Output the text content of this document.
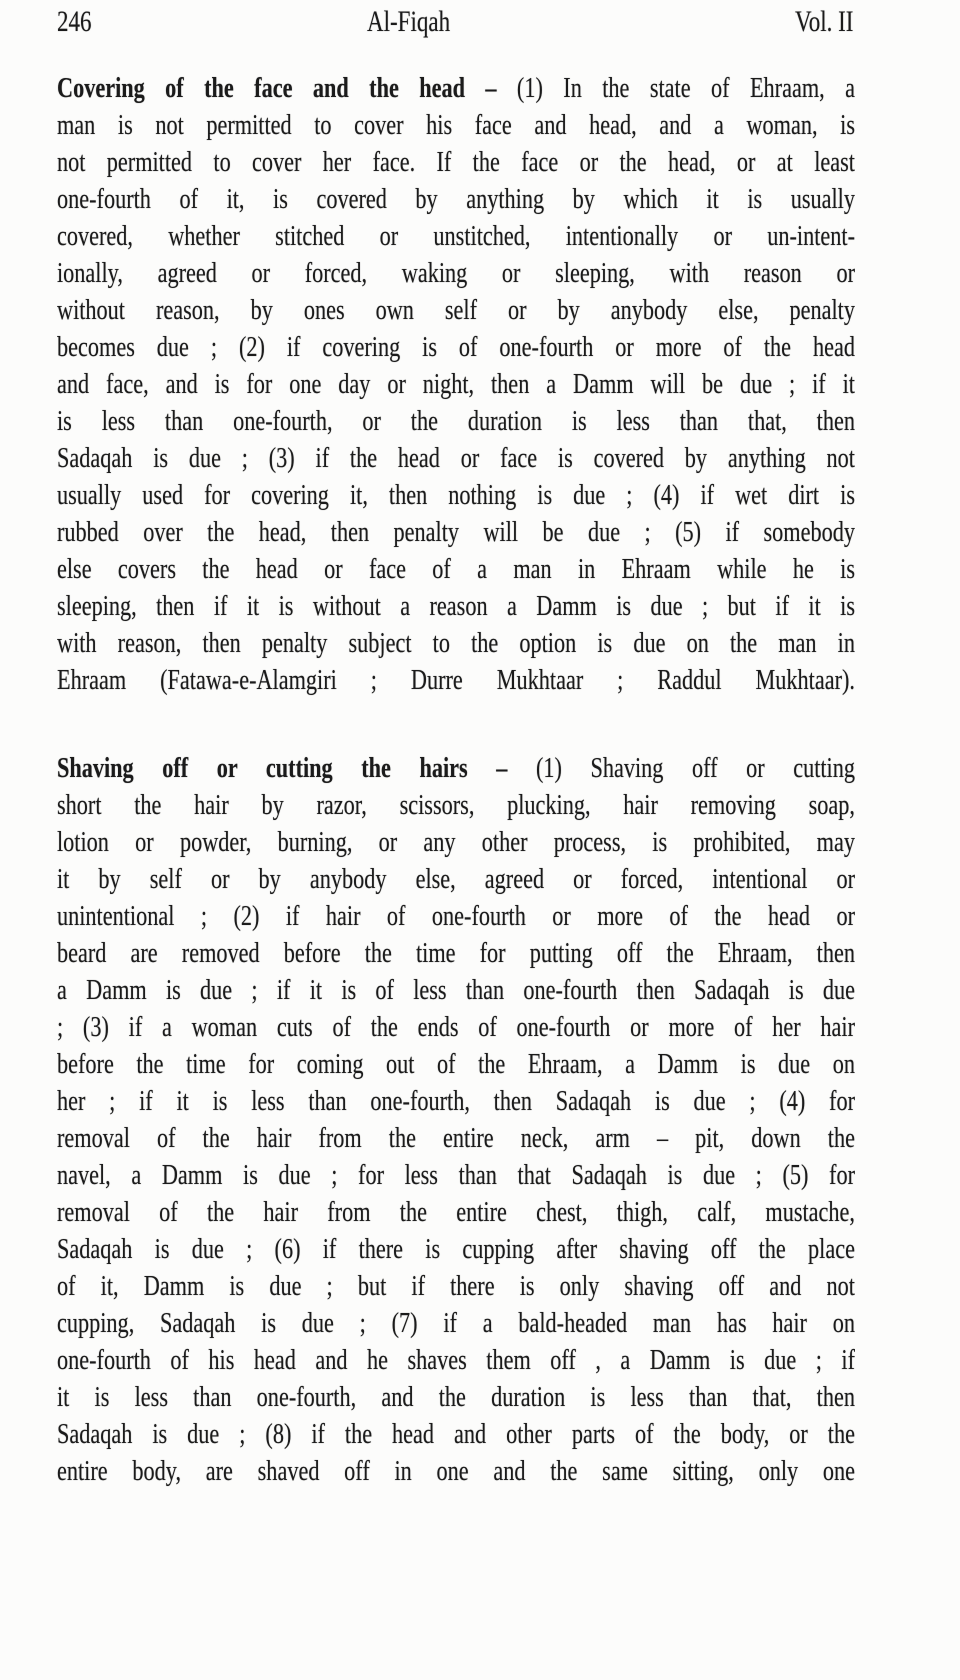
246	Al-Fiqah	Vol. II
Covering of the face and the head – (1) In the state of Ehraam, a
man is not permitted to cover his face and head, and a woman, is
not permitted to cover her face. If the face or the head, or at least
one-fourth of it, is covered by anything by which it is usually
covered, whether stitched or unstitched, intentionally or un-intent-
ionally, agreed or forced, waking or sleeping, with reason or
without reason, by ones own self or by anybody else, penalty
becomes due ; (2) if covering is of one-fourth or more of the head
and face, and is for one day or night, then a Damm will be due ; if it
is less than one-fourth, or the duration is less than that, then
Sadaqah is due ; (3) if the head or face is covered by anything not
usually used for covering it, then nothing is due ; (4) if wet dirt is
rubbed over the head, then penalty will be due ; (5) if somebody
else covers the head or face of a man in Ehraam while he is
sleeping, then if it is without a reason a Damm is due ; but if it is
with reason, then penalty subject to the option is due on the man in
Ehraam (Fatawa-e-Alamgiri ; Durre Mukhtaar ; Raddul Mukhtaar).
Shaving off or cutting the hairs – (1) Shaving off or cutting
short the hair by razor, scissors, plucking, hair removing soap,
lotion or powder, burning, or any other process, is prohibited, may
it by self or by anybody else, agreed or forced, intentional or
unintentional ; (2) if hair of one-fourth or more of the head or
beard are removed before the time for putting off the Ehraam, then
a Damm is due ; if it is of less than one-fourth then Sadaqah is due
; (3) if a woman cuts of the ends of one-fourth or more of her hair
before the time for coming out of the Ehraam, a Damm is due on
her ; if it is less than one-fourth, then Sadaqah is due ; (4) for
removal of the hair from the entire neck, arm – pit, down the
navel, a Damm is due ; for less than that Sadaqah is due ; (5) for
removal of the hair from the entire chest, thigh, calf, mustache,
Sadaqah is due ; (6) if there is cupping after shaving off the place
of it, Damm is due ; but if there is only shaving off and not
cupping, Sadaqah is due ; (7) if a bald-headed man has hair on
one-fourth of his head and he shaves them off , a Damm is due ; if
it is less than one-fourth, and the duration is less than that, then
Sadaqah is due ; (8) if the head and other parts of the body, or the
entire body, are shaved off in one and the same sitting, only one
